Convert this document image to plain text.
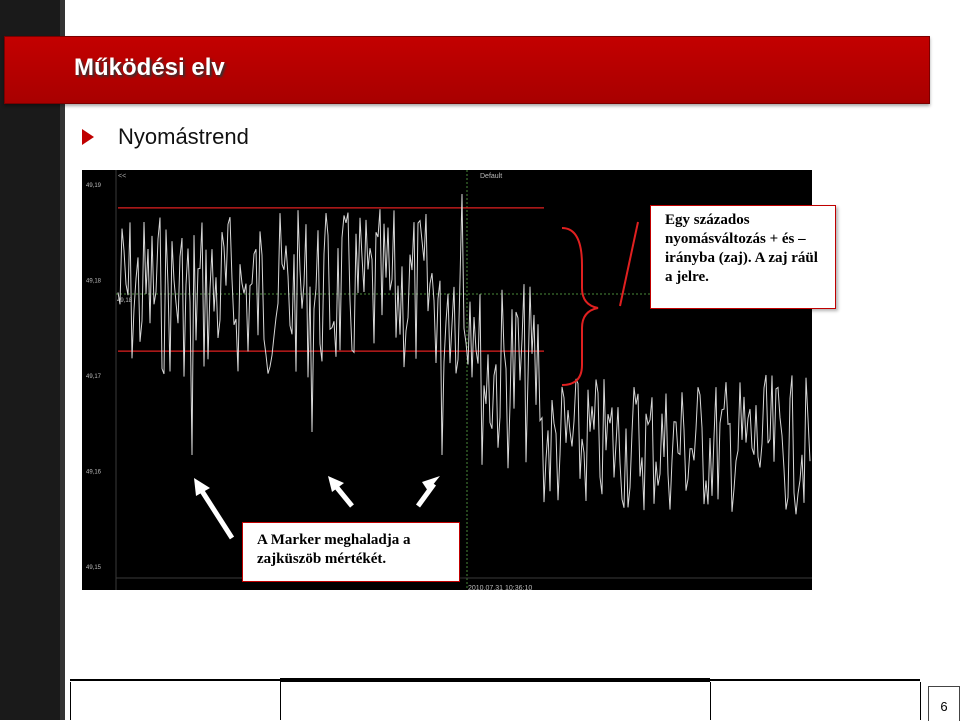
Működési elv
Nyomástrend
<<	Default
2010.07.31 10:36:10
49,18
49,19
49,18
49,17
49,16
49,15
Egy százados nyomásváltozás + és – irányba (zaj). A zaj ráül a jelre.
A Marker meghaladja a zajküszöb mértékét.
6
